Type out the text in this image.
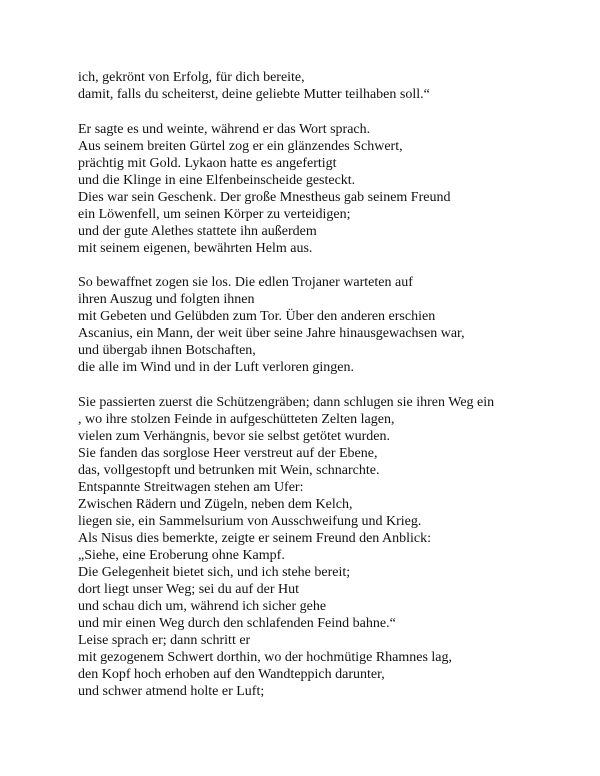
ich, gekrönt von Erfolg, für dich bereite,
damit, falls du scheiterst, deine geliebte Mutter teilhaben soll.“
Er sagte es und weinte, während er das Wort sprach.
Aus seinem breiten Gürtel zog er ein glänzendes Schwert,
prächtig mit Gold. Lykaon hatte es angefertigt
und die Klinge in eine Elfenbeinscheide gesteckt.
Dies war sein Geschenk. Der große Mnestheus gab seinem Freund
ein Löwenfell, um seinen Körper zu verteidigen;
und der gute Alethes stattete ihn außerdem
mit seinem eigenen, bewährten Helm aus.
So bewaffnet zogen sie los. Die edlen Trojaner warteten auf
ihren Auszug und folgten ihnen
mit Gebeten und Gelübden zum Tor. Über den anderen erschien
Ascanius, ein Mann, der weit über seine Jahre hinausgewachsen war,
und übergab ihnen Botschaften,
die alle im Wind und in der Luft verloren gingen.
Sie passierten zuerst die Schützengräben; dann schlugen sie ihren Weg ein
, wo ihre stolzen Feinde in aufgeschütteten Zelten lagen,
vielen zum Verhängnis, bevor sie selbst getötet wurden.
Sie fanden das sorglose Heer verstreut auf der Ebene,
das, vollgestopft und betrunken mit Wein, schnarchte.
Entspannte Streitwagen stehen am Ufer:
Zwischen Rädern und Zügeln, neben dem Kelch,
liegen sie, ein Sammelsurium von Ausschweifung und Krieg.
Als Nisus dies bemerkte, zeigte er seinem Freund den Anblick:
„Siehe, eine Eroberung ohne Kampf.
Die Gelegenheit bietet sich, und ich stehe bereit;
dort liegt unser Weg; sei du auf der Hut
und schau dich um, während ich sicher gehe
und mir einen Weg durch den schlafenden Feind bahne.“
Leise sprach er; dann schritt er
mit gezogenem Schwert dorthin, wo der hochmütige Rhamnes lag,
den Kopf hoch erhoben auf den Wandteppich darunter,
und schwer atmend holte er Luft;
